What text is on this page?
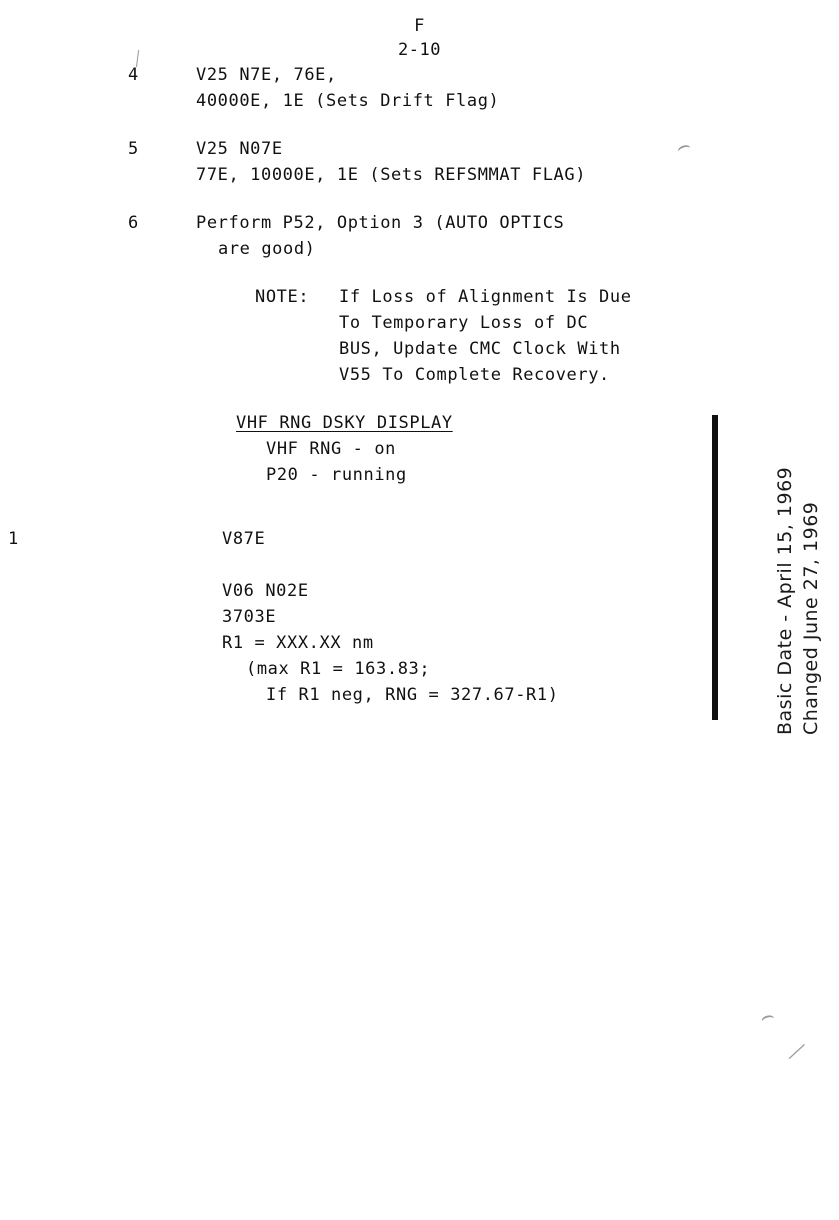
F
2-10
╱
4	V25 N7E, 76E,
40000E, 1E (Sets Drift Flag)
5	V25 N07E
77E, 10000E, 1E (Sets REFSMMAT FLAG)
6	Perform P52, Option 3 (AUTO OPTICS
are good)
NOTE:	If Loss of Alignment Is Due
To Temporary Loss of DC
BUS, Update CMC Clock With
V55 To Complete Recovery.
VHF RNG DSKY DISPLAY
VHF RNG - on
P20 - running
1	V87E
V06 N02E
3703E
R1 = XXX.XX nm
(max R1 = 163.83;
If R1 neg, RNG = 327.67-R1)	Basic Date - April 15, 1969 Changed June 27, 1969
⌢
⌢
╱
